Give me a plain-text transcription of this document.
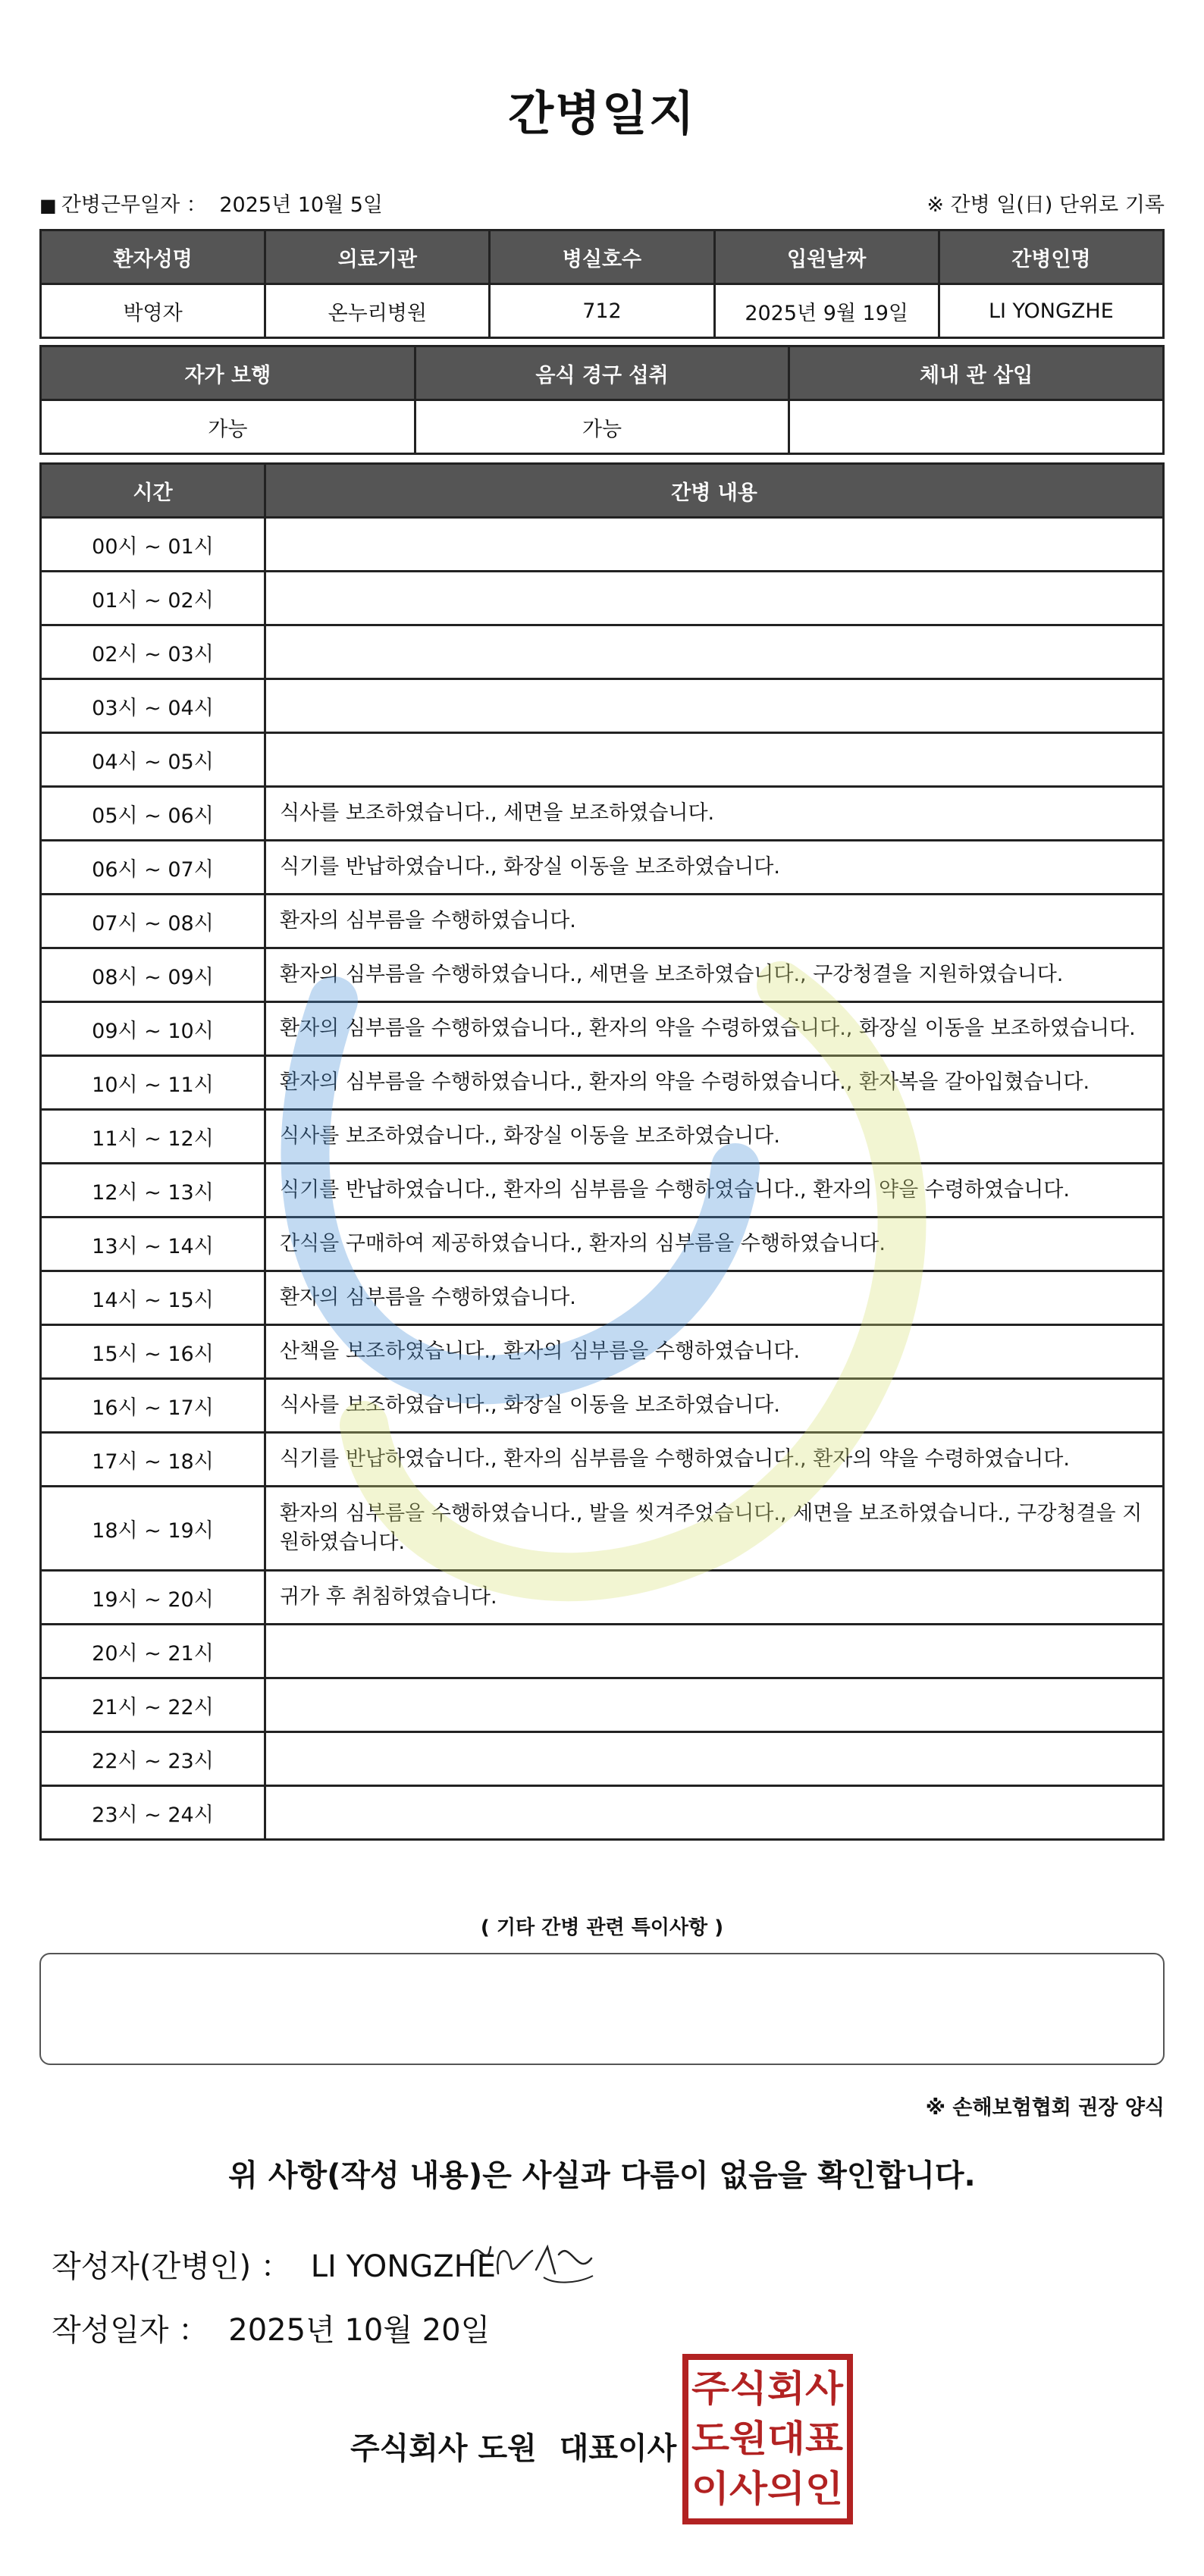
간병일지
■ 간병근무일자 ： 2025년 10월 5일	※ 간병 일(日) 단위로 기록
환자성명	의료기관	병실호수	입원날짜	간병인명
박영자	온누리병원	712	2025년 9월 19일	LI YONGZHE
자가 보행	음식 경구 섭취	체내 관 삽입
가능	가능	
시간	간병 내용
00시 ~ 01시	
01시 ~ 02시	
02시 ~ 03시	
03시 ~ 04시	
04시 ~ 05시	
05시 ~ 06시	식사를 보조하였습니다., 세면을 보조하였습니다.
06시 ~ 07시	식기를 반납하였습니다., 화장실 이동을 보조하였습니다.
07시 ~ 08시	환자의 심부름을 수행하였습니다.
08시 ~ 09시	환자의 심부름을 수행하였습니다., 세면을 보조하였습니다., 구강청결을 지원하였습니다.
09시 ~ 10시	환자의 심부름을 수행하였습니다., 환자의 약을 수령하였습니다., 화장실 이동을 보조하였습니다.
10시 ~ 11시	환자의 심부름을 수행하였습니다., 환자의 약을 수령하였습니다., 환자복을 갈아입혔습니다.
11시 ~ 12시	식사를 보조하였습니다., 화장실 이동을 보조하였습니다.
12시 ~ 13시	식기를 반납하였습니다., 환자의 심부름을 수행하였습니다., 환자의 약을 수령하였습니다.
13시 ~ 14시	간식을 구매하여 제공하였습니다., 환자의 심부름을 수행하였습니다.
14시 ~ 15시	환자의 심부름을 수행하였습니다.
15시 ~ 16시	산책을 보조하였습니다., 환자의 심부름을 수행하였습니다.
16시 ~ 17시	식사를 보조하였습니다., 화장실 이동을 보조하였습니다.
17시 ~ 18시	식기를 반납하였습니다., 환자의 심부름을 수행하였습니다., 환자의 약을 수령하였습니다.
18시 ~ 19시	환자의 심부름을 수행하였습니다., 발을 씻겨주었습니다., 세면을 보조하였습니다., 구강청결을 지원하였습니다.
19시 ~ 20시	귀가 후 취침하였습니다.
20시 ~ 21시	
21시 ~ 22시	
22시 ~ 23시	
23시 ~ 24시	
( 기타 간병 관련 특이사항 )
※ 손해보험협회 권장 양식
위 사항(작성 내용)은 사실과 다름이 없음을 확인합니다.
작성자(간병인) ： LI YONGZHE
작성일자 ： 2025년 10월 20일
주식회사 도원 대표이사
주식회사
도원대표
이사의인
